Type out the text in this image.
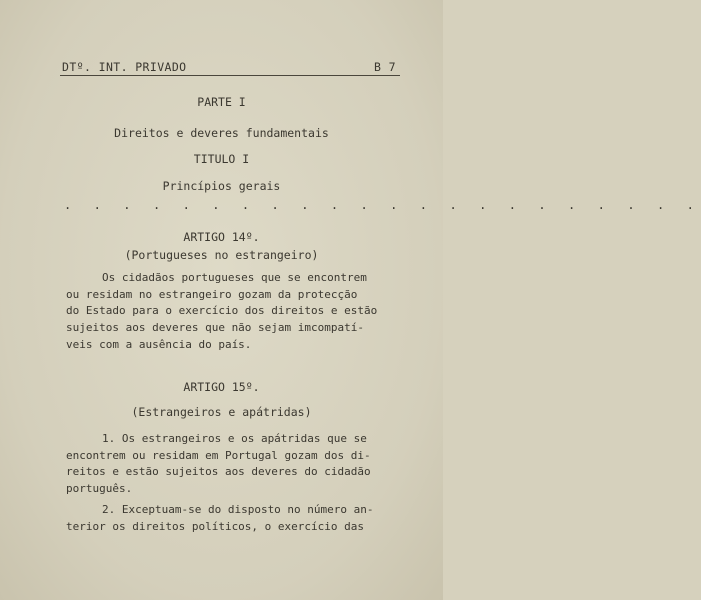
DTº. INT. PRIVADO	B 7
PARTE I
Direitos e deveres fundamentais
TITULO I
Princípios gerais
. . . . . . . . . . . . . . . . . . . . . .
ARTIGO 14º.
(Portugueses no estrangeiro)
Os cidadãos portugueses que se encontrem
ou residam no estrangeiro gozam da protecção
do Estado para o exercício dos direitos e estão
sujeitos aos deveres que não sejam imcompatí-
veis com a ausência do país.
ARTIGO 15º.
(Estrangeiros e apátridas)
1. Os estrangeiros e os apátridas que se
encontrem ou residam em Portugal gozam dos di-
reitos e estão sujeitos aos deveres do cidadão
português.
2. Exceptuam-se do disposto no número an-
terior os direitos políticos, o exercício das
